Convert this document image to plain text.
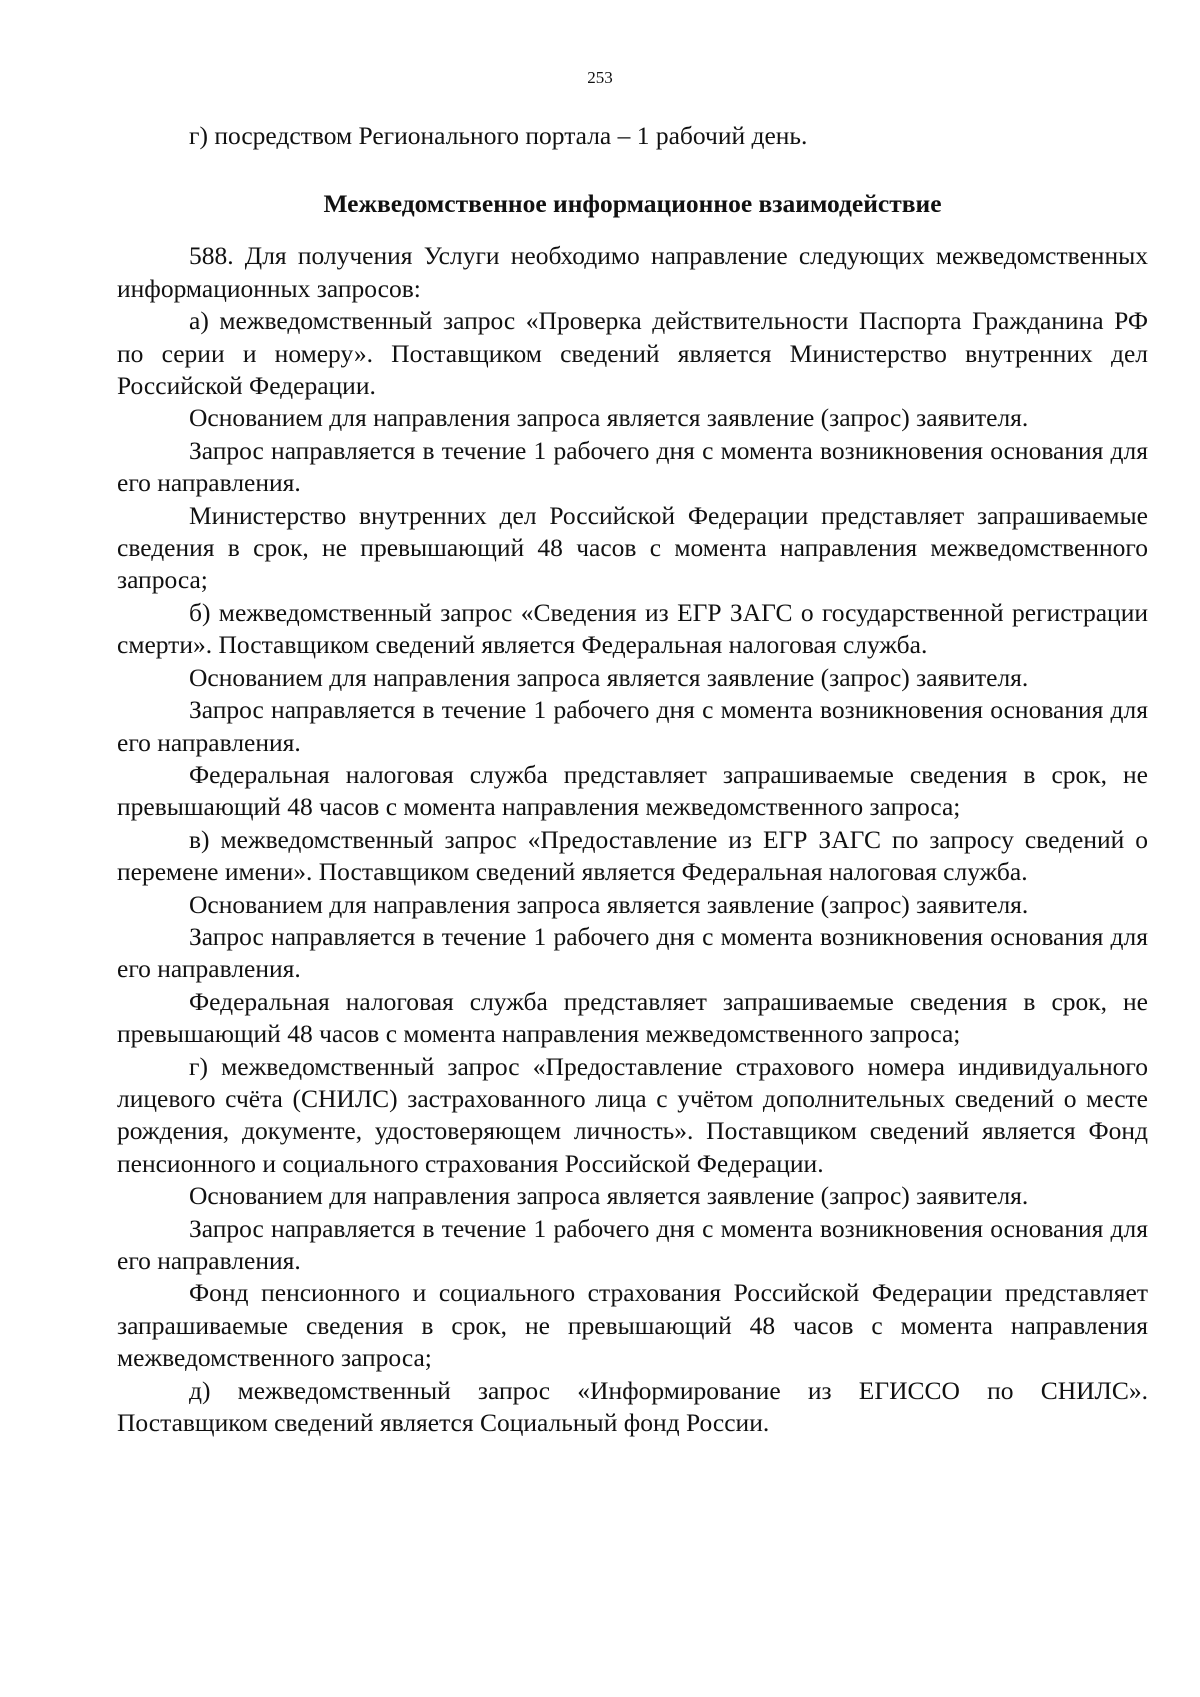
253

г) посредством Регионального портала – 1 рабочий день.

Межведомственное информационное взаимодействие

588. Для получения Услуги необходимо направление следующих межведомственных информационных запросов:

а) межведомственный запрос «Проверка действительности Паспорта Гражданина РФ по серии и номеру». Поставщиком сведений является Министерство внутренних дел Российской Федерации.

Основанием для направления запроса является заявление (запрос) заявителя.

Запрос направляется в течение 1 рабочего дня с момента возникновения основания для его направления.

Министерство внутренних дел Российской Федерации представляет запрашиваемые сведения в срок, не превышающий 48 часов с момента направления межведомственного запроса;

б) межведомственный запрос «Сведения из ЕГР ЗАГС о государственной регистрации смерти». Поставщиком сведений является Федеральная налоговая служба.

Основанием для направления запроса является заявление (запрос) заявителя.

Запрос направляется в течение 1 рабочего дня с момента возникновения основания для его направления.

Федеральная налоговая служба представляет запрашиваемые сведения в срок, не превышающий 48 часов с момента направления межведомственного запроса;

в) межведомственный запрос «Предоставление из ЕГР ЗАГС по запросу сведений о перемене имени». Поставщиком сведений является Федеральная налоговая служба.

Основанием для направления запроса является заявление (запрос) заявителя.

Запрос направляется в течение 1 рабочего дня с момента возникновения основания для его направления.

Федеральная налоговая служба представляет запрашиваемые сведения в срок, не превышающий 48 часов с момента направления межведомственного запроса;

г) межведомственный запрос «Предоставление страхового номера индивидуального лицевого счёта (СНИЛС) застрахованного лица с учётом дополнительных сведений о месте рождения, документе, удостоверяющем личность». Поставщиком сведений является Фонд пенсионного и социального страхования Российской Федерации.

Основанием для направления запроса является заявление (запрос) заявителя.

Запрос направляется в течение 1 рабочего дня с момента возникновения основания для его направления.

Фонд пенсионного и социального страхования Российской Федерации представляет запрашиваемые сведения в срок, не превышающий 48 часов с момента направления межведомственного запроса;

д) межведомственный запрос «Информирование из ЕГИССО по СНИЛС». Поставщиком сведений является Социальный фонд России.
